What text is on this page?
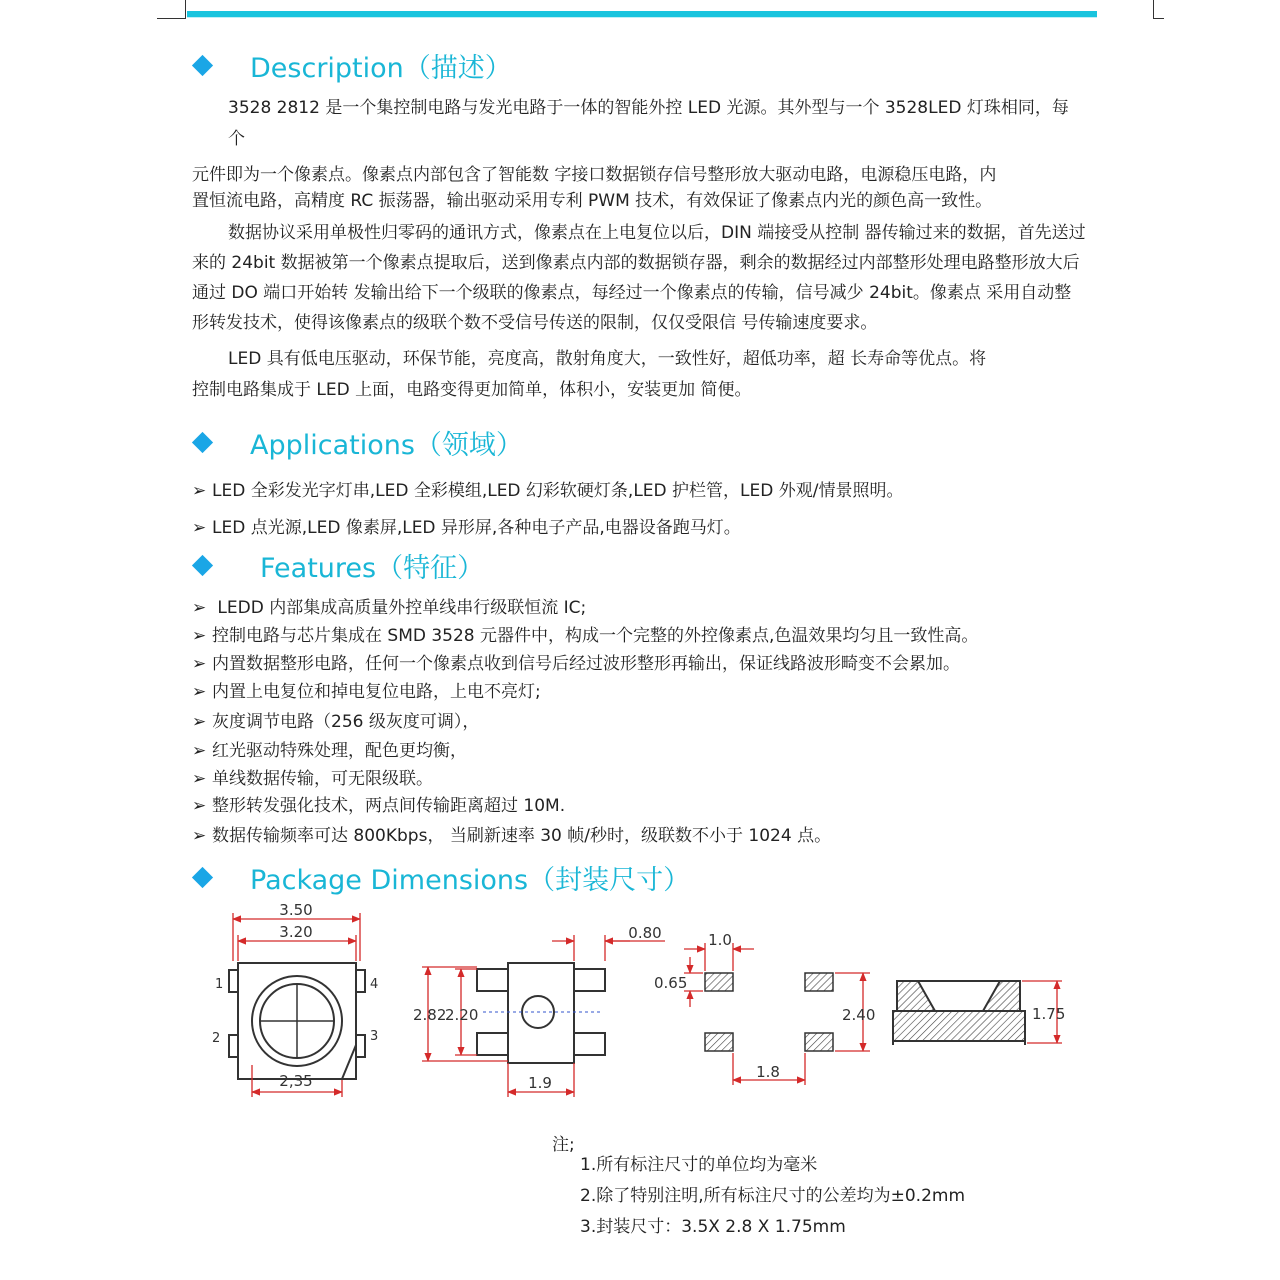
Description（描述）
3528 2812 是一个集控制电路与发光电路于一体的智能外控 LED 光源。其外型与一个 3528LED 灯珠相同，每
个
元件即为一个像素点。像素点内部包含了智能数 字接口数据锁存信号整形放大驱动电路，电源稳压电路，内
置恒流电路，高精度 RC 振荡器，输出驱动采用专利 PWM 技术，有效保证了像素点内光的颜色高一致性。
数据协议采用单极性归零码的通讯方式，像素点在上电复位以后，DIN 端接受从控制 器传输过来的数据，首先送过
来的 24bit 数据被第一个像素点提取后，送到像素点内部的数据锁存器，剩余的数据经过内部整形处理电路整形放大后
通过 DO 端口开始转 发输出给下一个级联的像素点，每经过一个像素点的传输，信号减少 24bit。像素点 采用自动整
形转发技术，使得该像素点的级联个数不受信号传送的限制，仅仅受限信 号传输速度要求。
LED 具有低电压驱动，环保节能，亮度高，散射角度大，一致性好，超低功率，超 长寿命等优点。将
控制电路集成于 LED 上面，电路变得更加简单，体积小，安装更加 简便。
Applications（领域）
➢ LED 全彩发光字灯串,LED 全彩模组,LED 幻彩软硬灯条,LED 护栏管，LED 外观/情景照明。
➢ LED 点光源,LED 像素屏,LED 异形屏,各种电子产品,电器设备跑马灯。
Features（特征）
➢ LEDD 内部集成高质量外控单线串行级联恒流 IC;
➢ 控制电路与芯片集成在 SMD 3528 元器件中，构成一个完整的外控像素点,色温效果均匀且一致性高。
➢ 内置数据整形电路，任何一个像素点收到信号后经过波形整形再输出，保证线路波形畸变不会累加。
➢ 内置上电复位和掉电复位电路，上电不亮灯;
➢ 灰度调节电路（256 级灰度可调），
➢ 红光驱动特殊处理，配色更均衡，
➢ 单线数据传输，可无限级联。
➢ 整形转发强化技术，两点间传输距离超过 10M.
➢ 数据传输频率可达 800Kbps， 当刷新速率 30 帧/秒时，级联数不小于 1024 点。
Package Dimensions（封装尺寸）
3.50
3.20
2,35
1
2
4
3
0.80
2.82
2.20
1.9
1.0
0.65
2.40
1.8
1.75
注;
1.所有标注尺寸的单位均为毫米
2.除了特别注明,所有标注尺寸的公差均为±0.2mm
3.封装尺寸：3.5X 2.8 X 1.75mm
